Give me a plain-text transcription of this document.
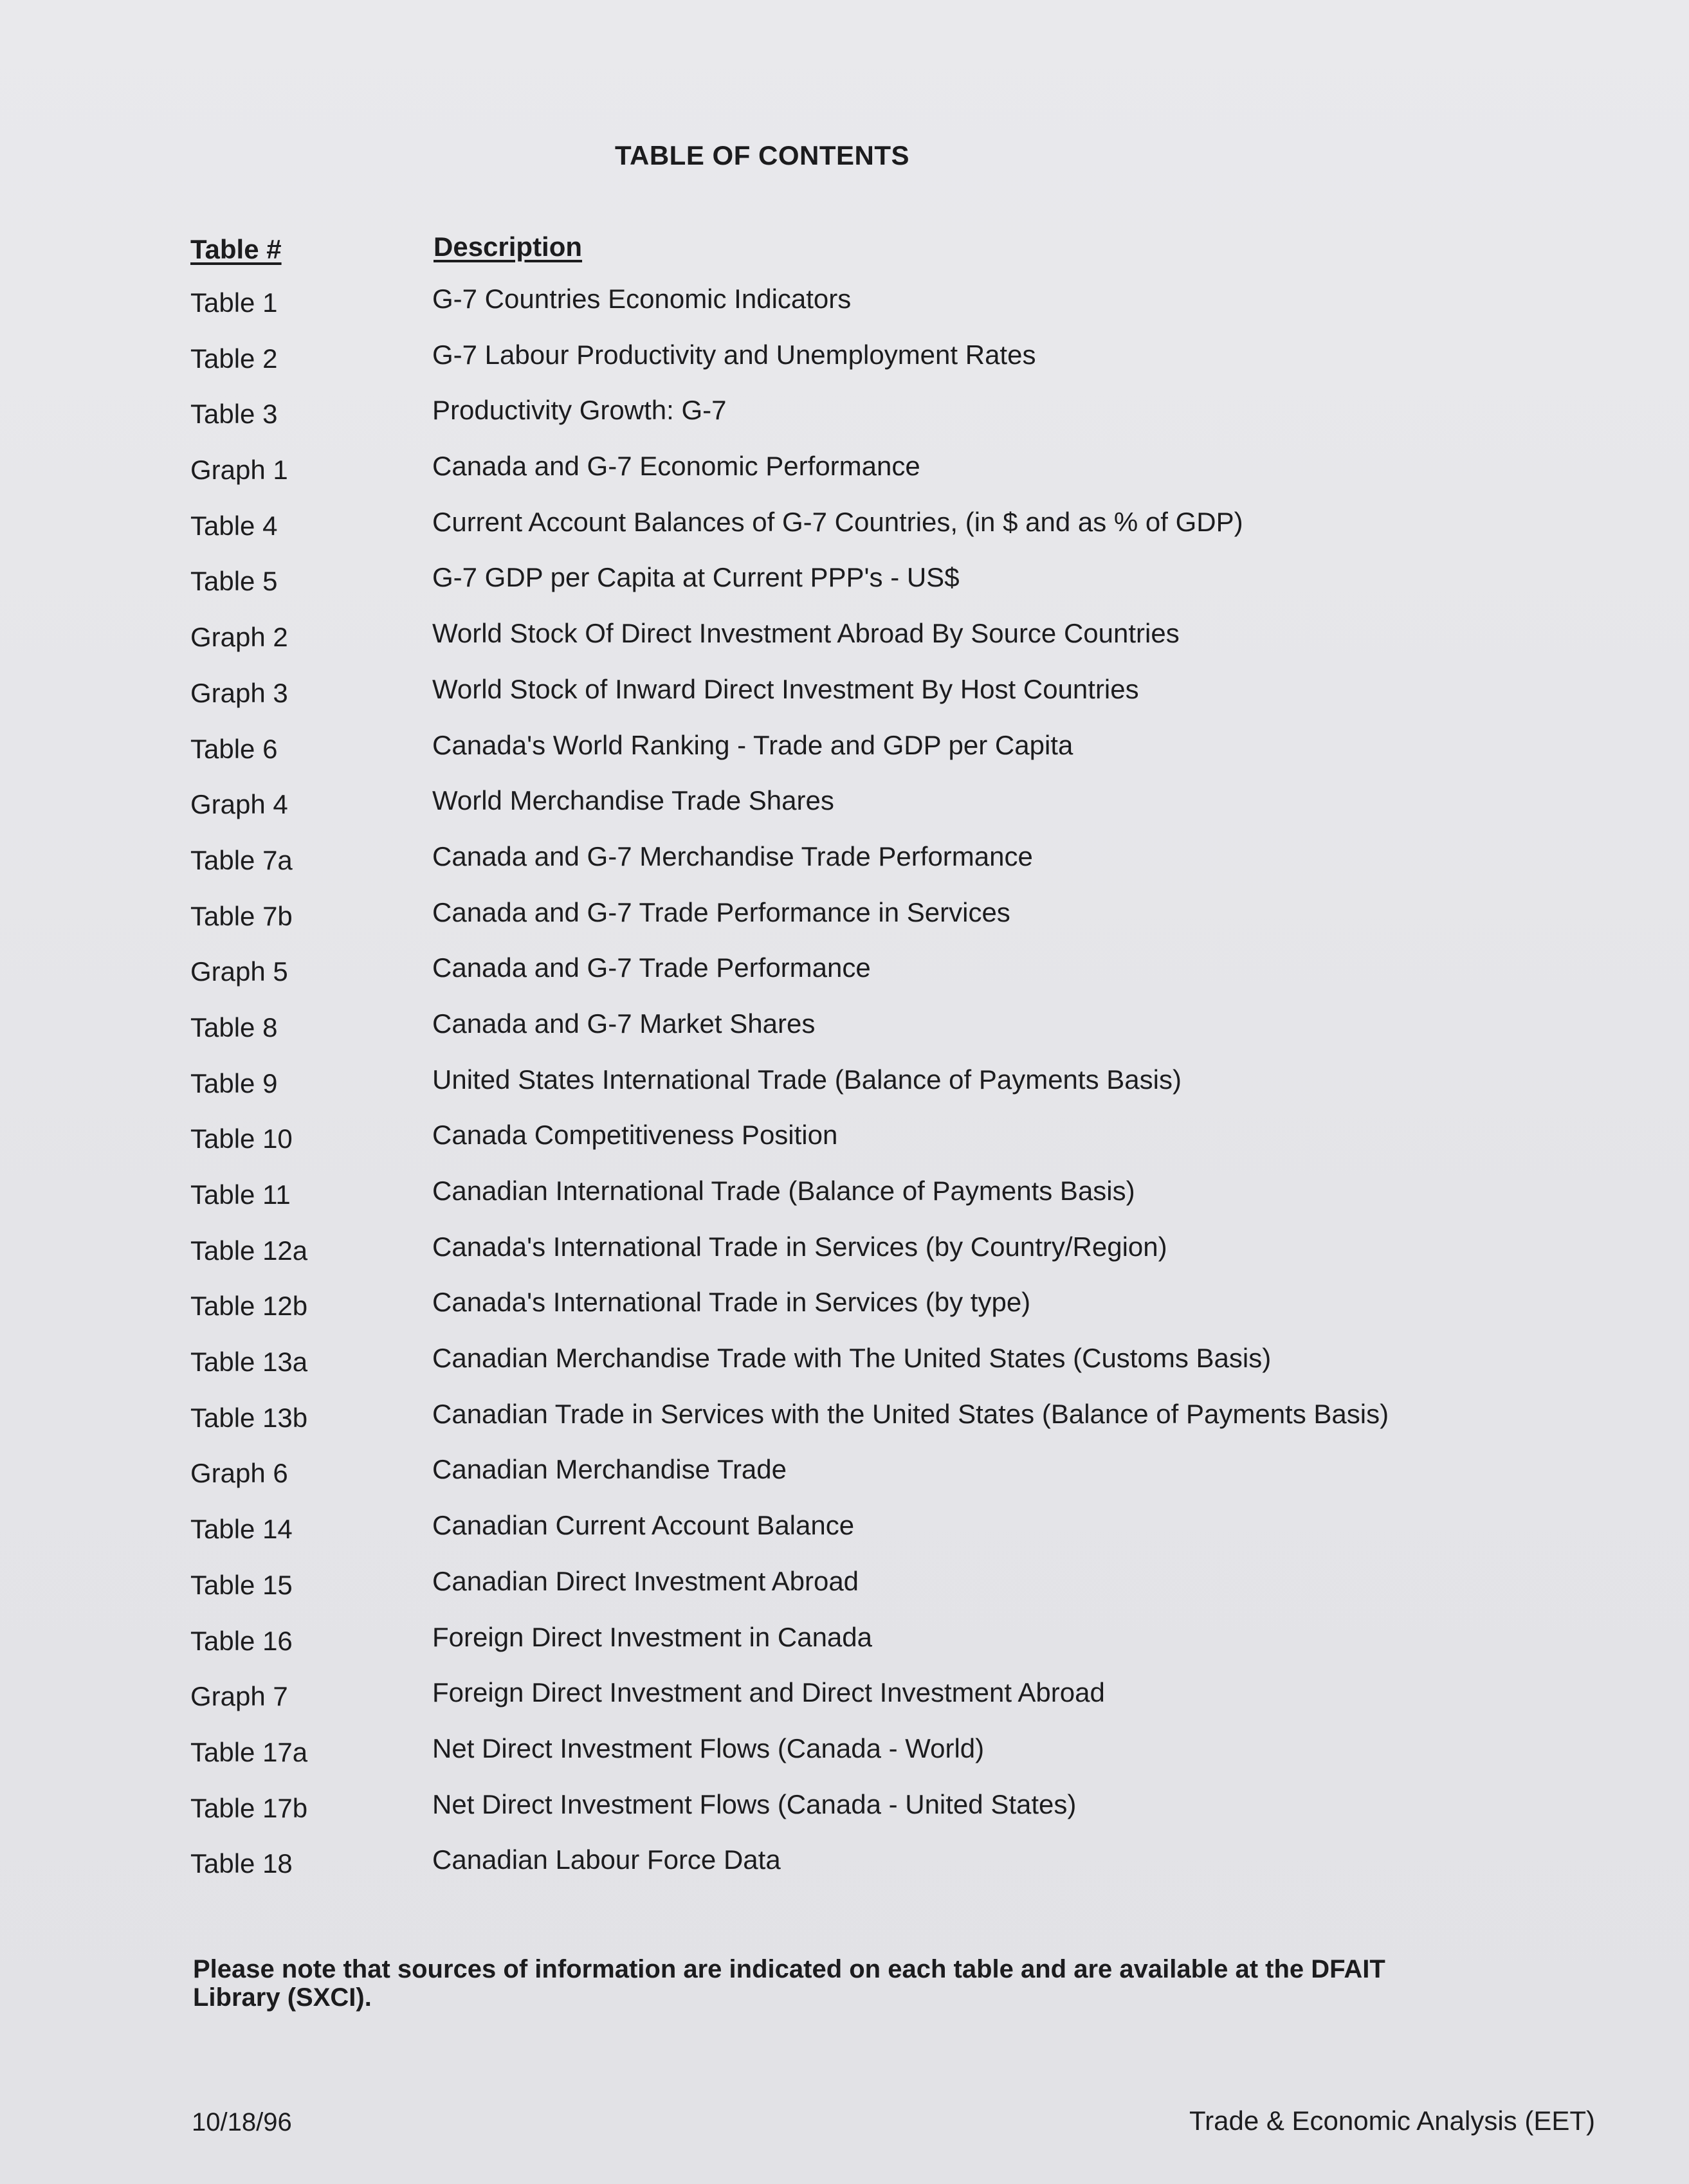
TABLE OF CONTENTS
Table #	Description
Table 1	G-7 Countries Economic Indicators
Table 2	G-7 Labour Productivity and Unemployment Rates
Table 3	Productivity Growth: G-7
Graph 1	Canada and G-7 Economic Performance
Table 4	Current Account Balances of G-7 Countries, (in $ and as % of GDP)
Table 5	G-7 GDP per Capita at Current PPP's - US$
Graph 2	World Stock Of Direct Investment Abroad By Source Countries
Graph 3	World Stock of Inward Direct Investment By Host Countries
Table 6	Canada's World Ranking - Trade and GDP per Capita
Graph 4	World Merchandise Trade Shares
Table 7a	Canada and G-7 Merchandise Trade Performance
Table 7b	Canada and G-7 Trade Performance in Services
Graph 5	Canada and G-7 Trade Performance
Table 8	Canada and G-7 Market Shares
Table 9	United States International Trade (Balance of Payments Basis)
Table 10	Canada Competitiveness Position
Table 11	Canadian International Trade (Balance of Payments Basis)
Table 12a	Canada's International Trade in Services (by Country/Region)
Table 12b	Canada's International Trade in Services (by type)
Table 13a	Canadian Merchandise Trade with The United States (Customs Basis)
Table 13b	Canadian Trade in Services with the United States (Balance of Payments Basis)
Graph 6	Canadian Merchandise Trade
Table 14	Canadian Current Account Balance
Table 15	Canadian Direct Investment Abroad
Table 16	Foreign Direct Investment in Canada
Graph 7	Foreign Direct Investment and Direct Investment Abroad
Table 17a	Net Direct Investment Flows (Canada - World)
Table 17b	Net Direct Investment Flows (Canada - United States)
Table 18	Canadian Labour Force Data
Please note that sources of information are indicated on each table and are available at the DFAIT Library (SXCI).
10/18/96	Trade & Economic Analysis (EET)
